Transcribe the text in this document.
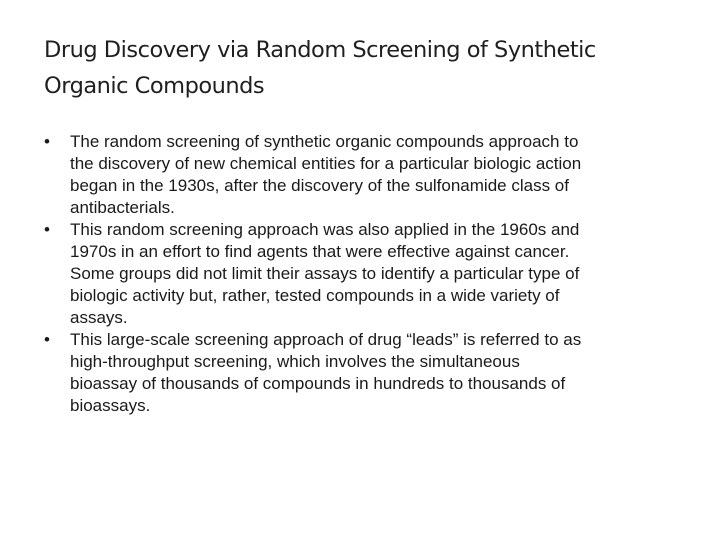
Drug Discovery via Random Screening of Synthetic
Organic Compounds
•	The random screening of synthetic organic compounds approach to
the discovery of new chemical entities for a particular biologic action
began in the 1930s, after the discovery of the sulfonamide class of
antibacterials.
•	This random screening approach was also applied in the 1960s and
1970s in an effort to find agents that were effective against cancer.
Some groups did not limit their assays to identify a particular type of
biologic activity but, rather, tested compounds in a wide variety of
assays.
•	This large-scale screening approach of drug “leads” is referred to as
high-throughput screening, which involves the simultaneous
bioassay of thousands of compounds in hundreds to thousands of
bioassays.
